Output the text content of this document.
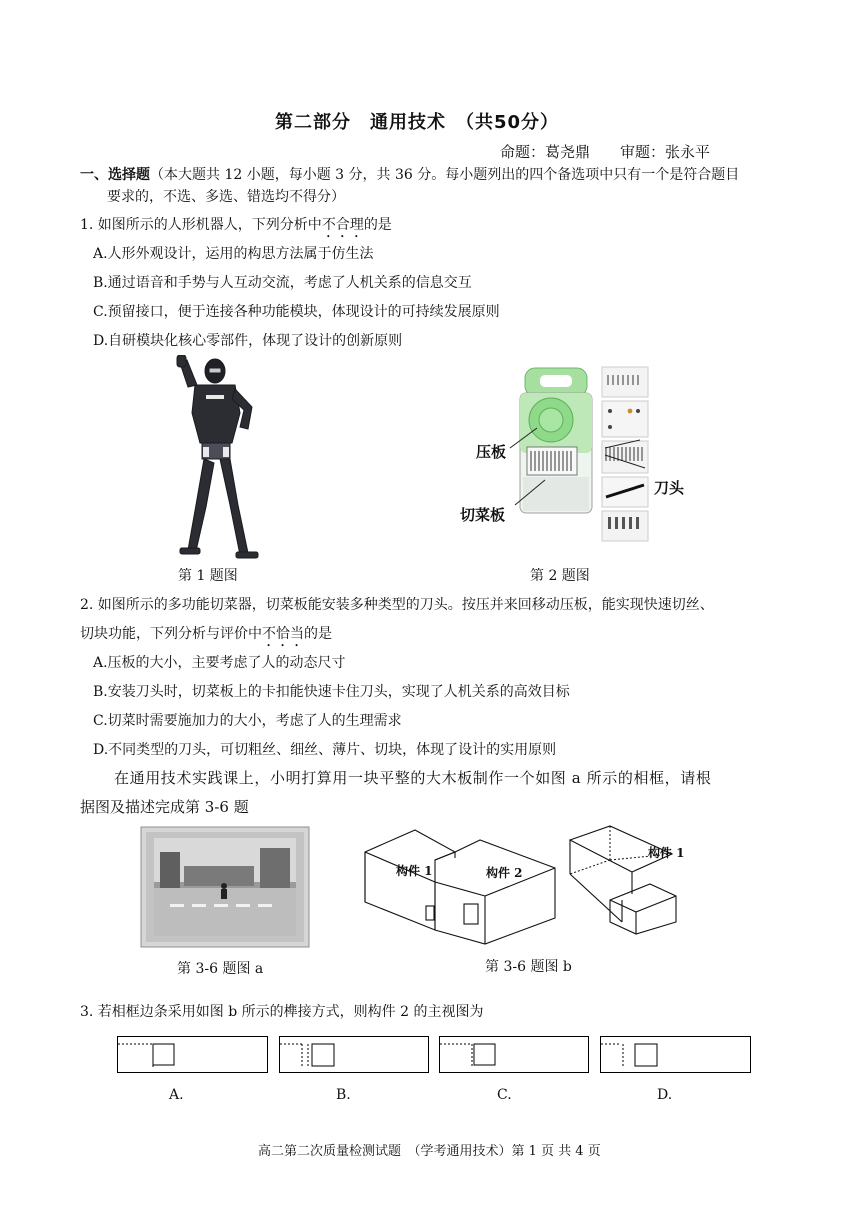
第二部分　通用技术　（共50分）
命题：葛尧鼎　　审题：张永平
一、选择题（本大题共 12 小题，每小题 3 分，共 36 分。每小题列出的四个备选项中只有一个是符合题目
要求的，不选、多选、错选均不得分）
1. 如图所示的人形机器人，下列分析中不合理的是
A.人形外观设计，运用的构思方法属于仿生法
B.通过语音和手势与人互动交流，考虑了人机关系的信息交互
C.预留接口，便于连接各种功能模块，体现设计的可持续发展原则
D.自研模块化核心零部件，体现了设计的创新原则
第 1 题图
压板
切菜板
刀头
第 2 题图
2. 如图所示的多功能切菜器，切菜板能安装多种类型的刀头。按压并来回移动压板，能实现快速切丝、
切块功能，下列分析与评价中不恰当的是
A.压板的大小，主要考虑了人的动态尺寸
B.安装刀头时，切菜板上的卡扣能快速卡住刀头，实现了人机关系的高效目标
C.切菜时需要施加力的大小，考虑了人的生理需求
D.不同类型的刀头，可切粗丝、细丝、薄片、切块，体现了设计的实用原则
在通用技术实践课上，小明打算用一块平整的大木板制作一个如图 a 所示的相框，请根
据图及描述完成第 3-6 题
第 3-6 题图 a
构件 1	构件 2
构件 1
第 3-6 题图 b
3. 若相框边条采用如图 b 所示的榫接方式，则构件 2 的主视图为
A.	B.	C.	D.
高二第二次质量检测试题　（学考通用技术）第 1 页 共 4 页
